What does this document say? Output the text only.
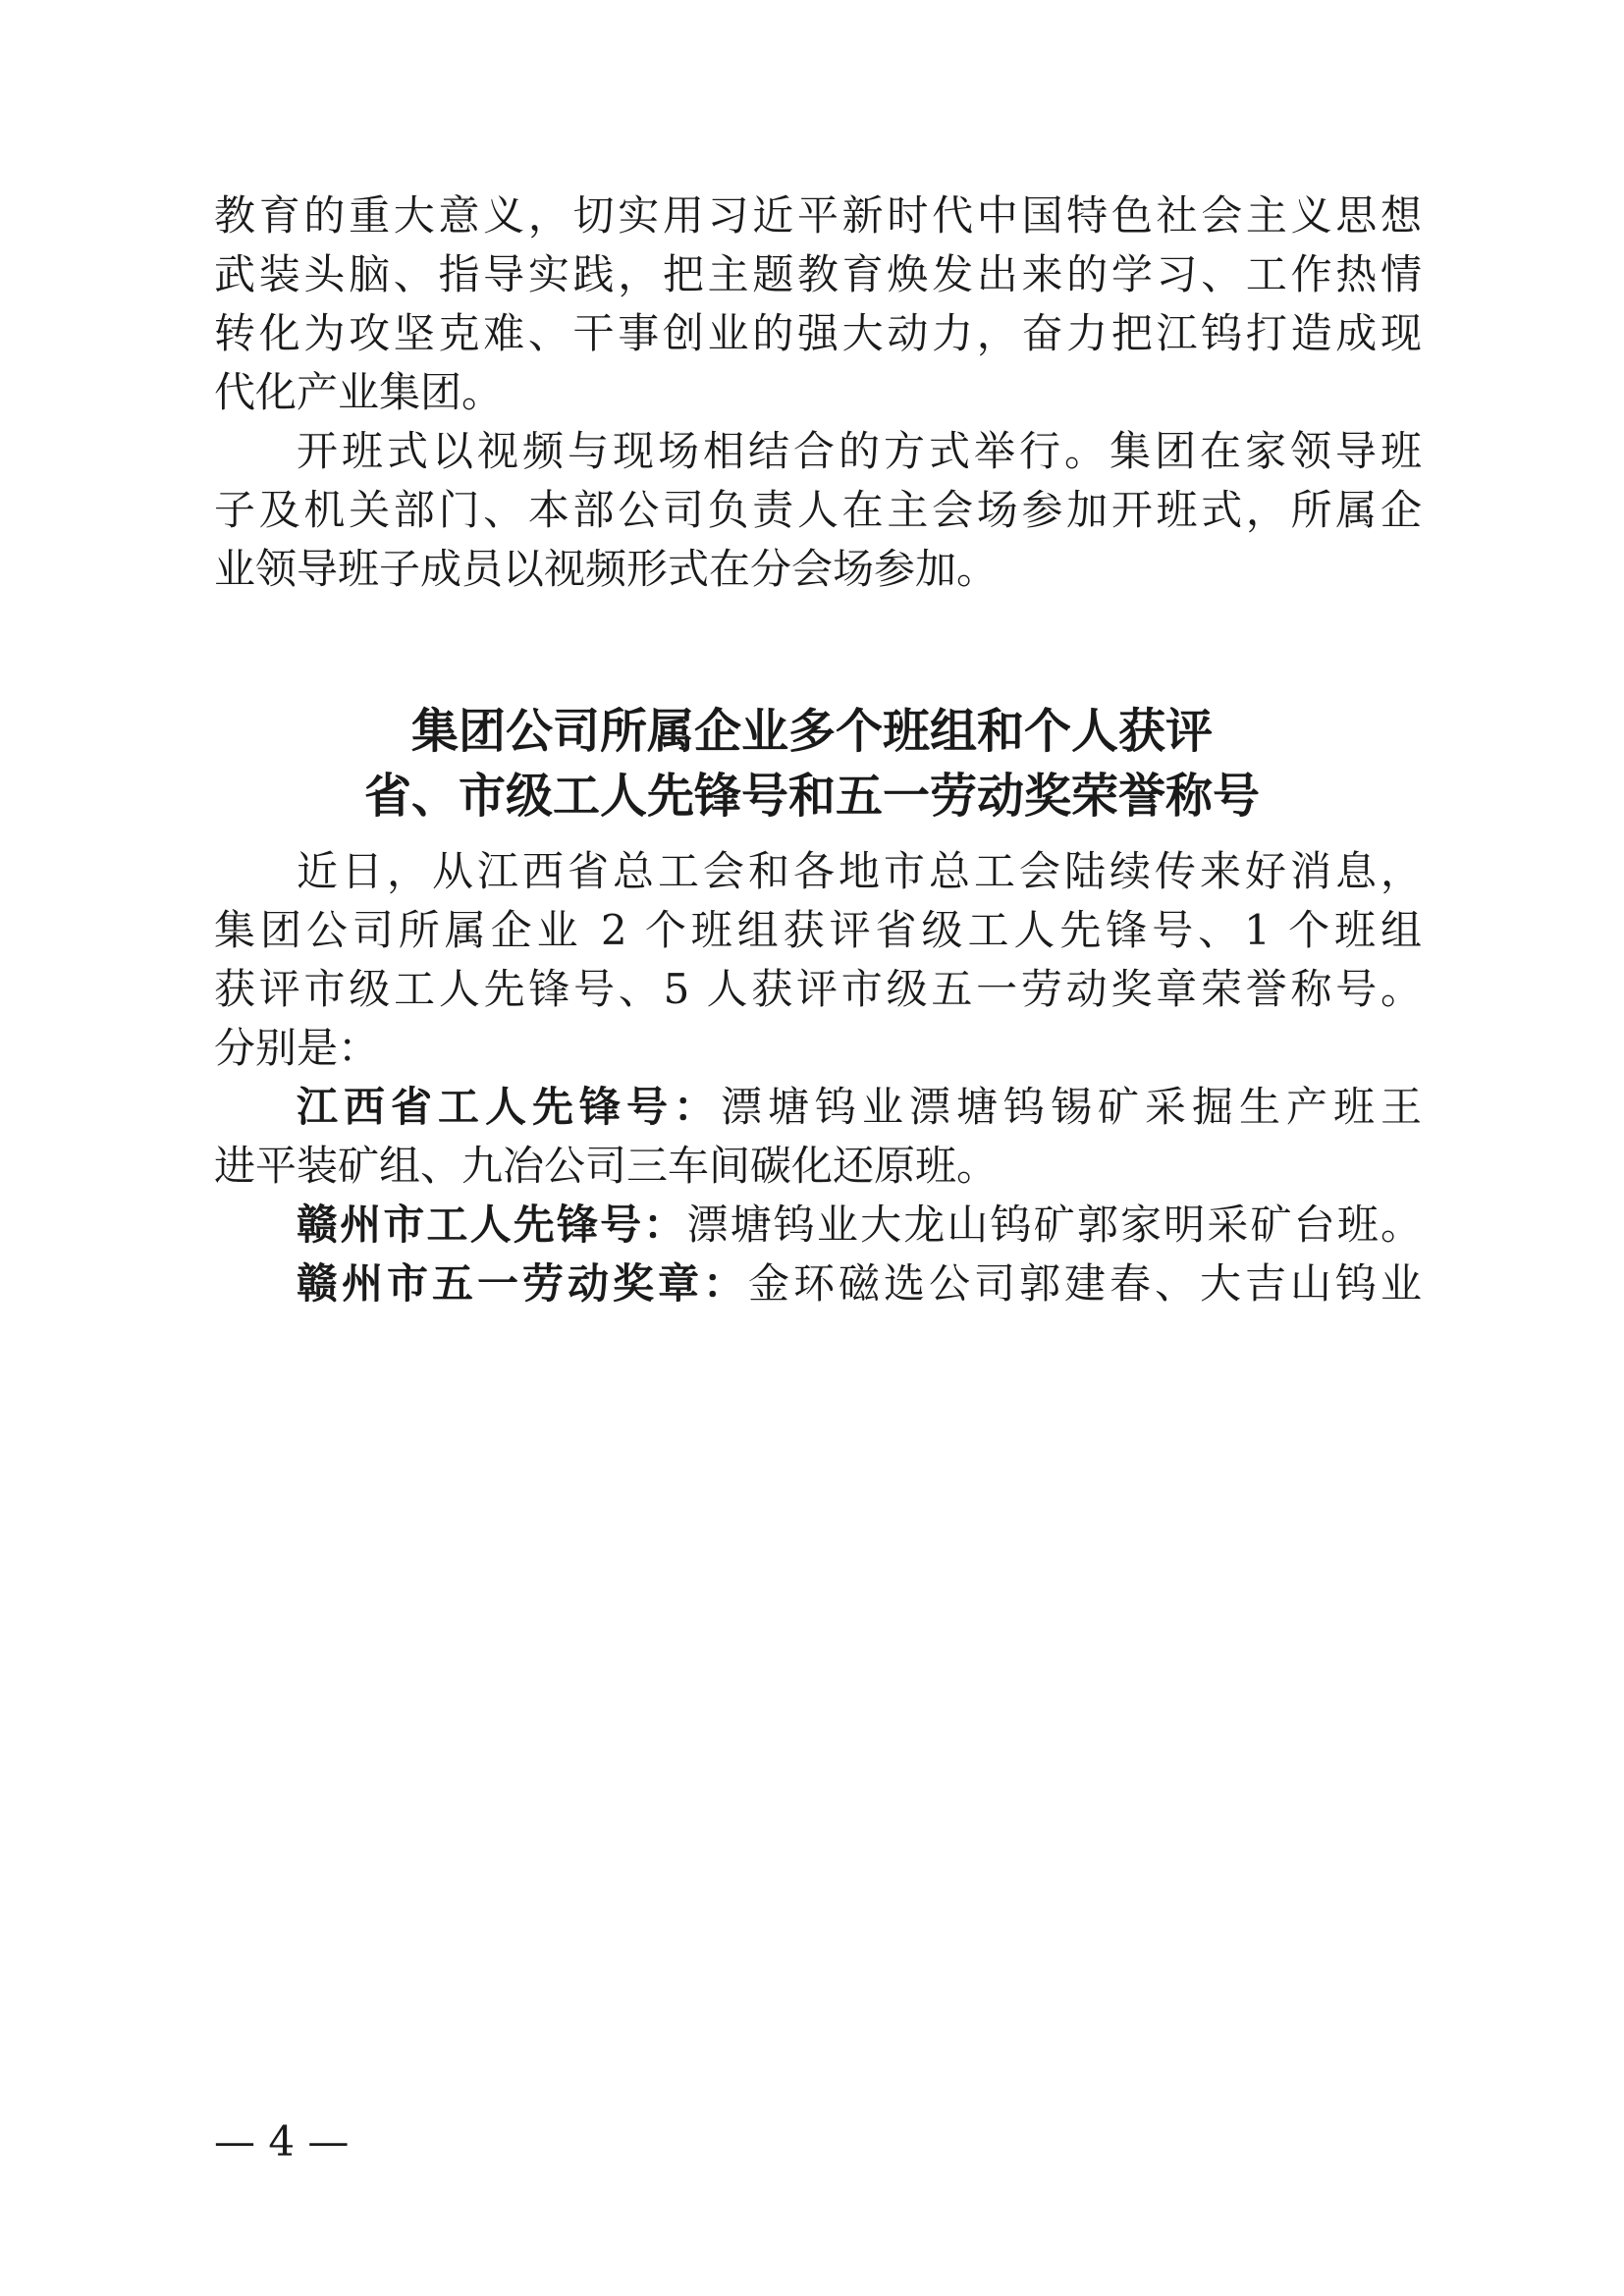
教育的重大意义，切实用习近平新时代中国特色社会主义思想
武装头脑、指导实践，把主题教育焕发出来的学习、工作热情
转化为攻坚克难、干事创业的强大动力，奋力把江钨打造成现
代化产业集团。
开班式以视频与现场相结合的方式举行。集团在家领导班
子及机关部门、本部公司负责人在主会场参加开班式，所属企
业领导班子成员以视频形式在分会场参加。
集团公司所属企业多个班组和个人获评
省、市级工人先锋号和五一劳动奖荣誉称号
近日，从江西省总工会和各地市总工会陆续传来好消息，
集团公司所属企业 2 个班组获评省级工人先锋号、1 个班组
获评市级工人先锋号、5 人获评市级五一劳动奖章荣誉称号。
分别是：
江西省工人先锋号：漂塘钨业漂塘钨锡矿采掘生产班王
进平装矿组、九冶公司三车间碳化还原班。
赣州市工人先锋号：漂塘钨业大龙山钨矿郭家明采矿台班。
赣州市五一劳动奖章：金环磁选公司郭建春、大吉山钨业
— 4 —
